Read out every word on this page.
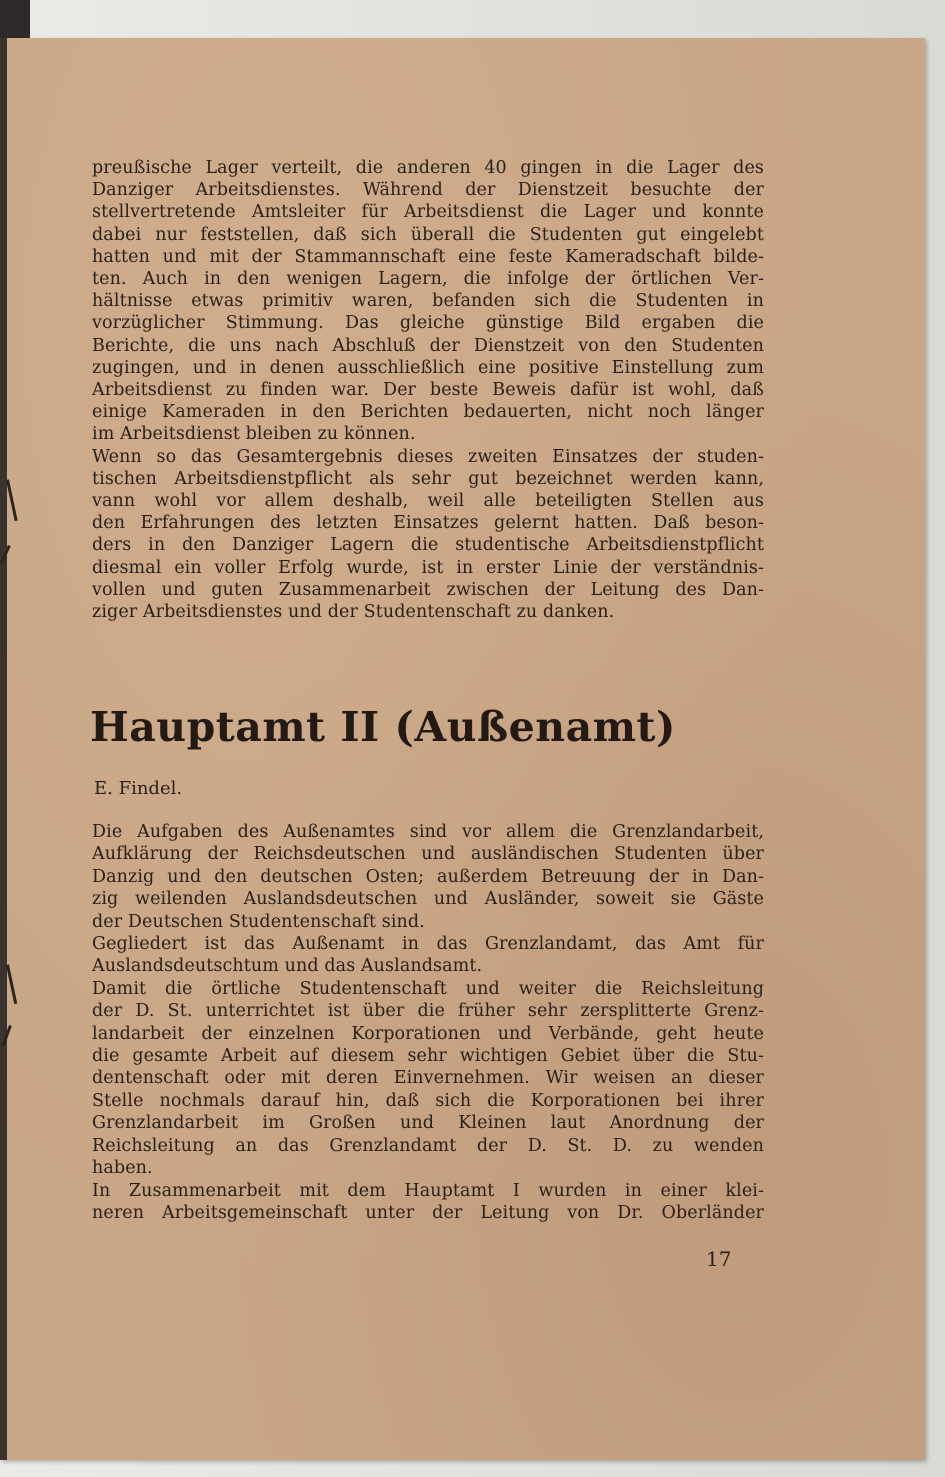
preußische Lager verteilt, die anderen 40 gingen in die Lager des
Danziger Arbeitsdienstes. Während der Dienstzeit besuchte der
stellvertretende Amtsleiter für Arbeitsdienst die Lager und konnte
dabei nur feststellen, daß sich überall die Studenten gut eingelebt
hatten und mit der Stammannschaft eine feste Kameradschaft bilde-
ten. Auch in den wenigen Lagern, die infolge der örtlichen Ver-
hältnisse etwas primitiv waren, befanden sich die Studenten in
vorzüglicher Stimmung. Das gleiche günstige Bild ergaben die
Berichte, die uns nach Abschluß der Dienstzeit von den Studenten
zugingen, und in denen ausschließlich eine positive Einstellung zum
Arbeitsdienst zu finden war. Der beste Beweis dafür ist wohl, daß
einige Kameraden in den Berichten bedauerten, nicht noch länger
im Arbeitsdienst bleiben zu können.
Wenn so das Gesamtergebnis dieses zweiten Einsatzes der studen-
tischen Arbeitsdienstpflicht als sehr gut bezeichnet werden kann,
vann wohl vor allem deshalb, weil alle beteiligten Stellen aus
den Erfahrungen des letzten Einsatzes gelernt hatten. Daß beson-
ders in den Danziger Lagern die studentische Arbeitsdienstpflicht
diesmal ein voller Erfolg wurde, ist in erster Linie der verständnis-
vollen und guten Zusammenarbeit zwischen der Leitung des Dan-
ziger Arbeitsdienstes und der Studentenschaft zu danken.
Hauptamt II (Außenamt)
E. Findel.
Die Aufgaben des Außenamtes sind vor allem die Grenzlandarbeit,
Aufklärung der Reichsdeutschen und ausländischen Studenten über
Danzig und den deutschen Osten; außerdem Betreuung der in Dan-
zig weilenden Auslandsdeutschen und Ausländer, soweit sie Gäste
der Deutschen Studentenschaft sind.
Gegliedert ist das Außenamt in das Grenzlandamt, das Amt für
Auslandsdeutschtum und das Auslandsamt.
Damit die örtliche Studentenschaft und weiter die Reichsleitung
der D. St. unterrichtet ist über die früher sehr zersplitterte Grenz-
landarbeit der einzelnen Korporationen und Verbände, geht heute
die gesamte Arbeit auf diesem sehr wichtigen Gebiet über die Stu-
dentenschaft oder mit deren Einvernehmen. Wir weisen an dieser
Stelle nochmals darauf hin, daß sich die Korporationen bei ihrer
Grenzlandarbeit im Großen und Kleinen laut Anordnung der
Reichsleitung an das Grenzlandamt der D. St. D. zu wenden
haben.
In Zusammenarbeit mit dem Hauptamt I wurden in einer klei-
neren Arbeitsgemeinschaft unter der Leitung von Dr. Oberländer
17
